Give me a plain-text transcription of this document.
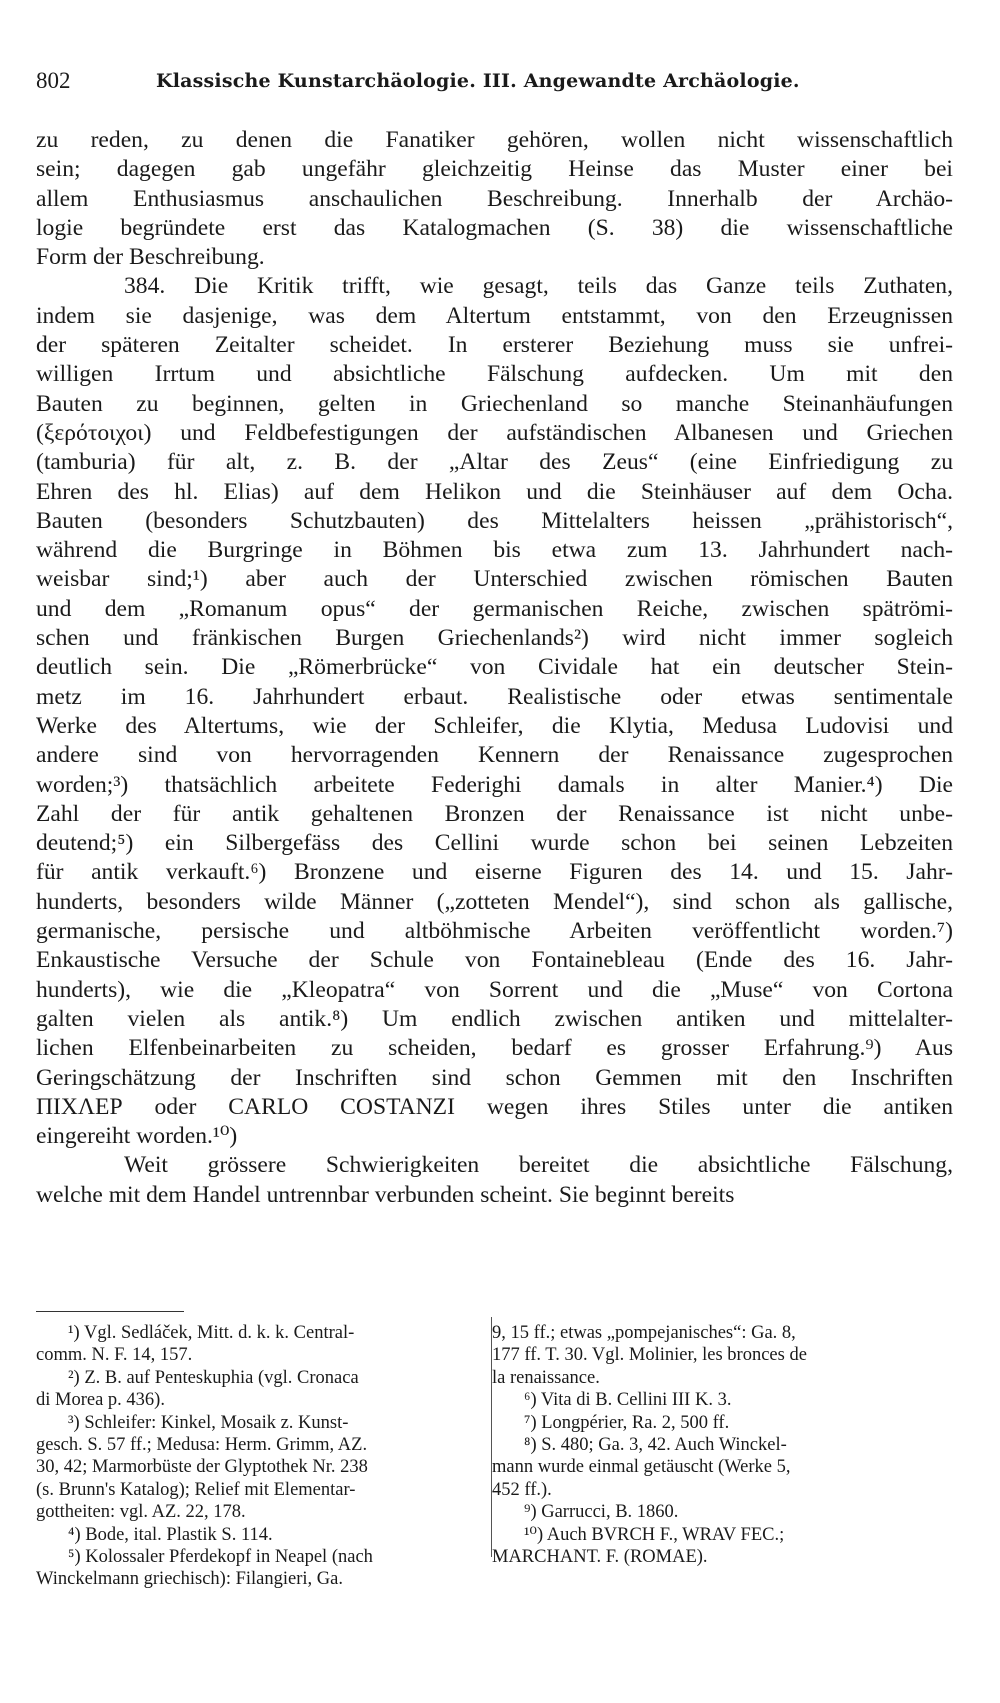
802	Klassische Kunstarchäologie. III. Angewandte Archäologie.

zu reden, zu denen die Fanatiker gehören, wollen nicht wissenschaftlich

sein; dagegen gab ungefähr gleichzeitig Heinse das Muster einer bei

allem Enthusiasmus anschaulichen Beschreibung. Innerhalb der Archäo-

logie begründete erst das Katalogmachen (S. 38) die wissenschaftliche

Form der Beschreibung.

384. Die Kritik trifft, wie gesagt, teils das Ganze teils Zuthaten,

indem sie dasjenige, was dem Altertum entstammt, von den Erzeugnissen

der späteren Zeitalter scheidet. In ersterer Beziehung muss sie unfrei-

willigen Irrtum und absichtliche Fälschung aufdecken. Um mit den

Bauten zu beginnen, gelten in Griechenland so manche Steinanhäufungen

(ξερότοιχοι) und Feldbefestigungen der aufständischen Albanesen und Griechen

(tamburia) für alt, z. B. der „Altar des Zeus“ (eine Einfriedigung zu

Ehren des hl. Elias) auf dem Helikon und die Steinhäuser auf dem Ocha.

Bauten (besonders Schutzbauten) des Mittelalters heissen „prähistorisch“,

während die Burgringe in Böhmen bis etwa zum 13. Jahrhundert nach-

weisbar sind;¹) aber auch der Unterschied zwischen römischen Bauten

und dem „Romanum opus“ der germanischen Reiche, zwischen spätrömi-

schen und fränkischen Burgen Griechenlands²) wird nicht immer sogleich

deutlich sein. Die „Römerbrücke“ von Cividale hat ein deutscher Stein-

metz im 16. Jahrhundert erbaut. Realistische oder etwas sentimentale

Werke des Altertums, wie der Schleifer, die Klytia, Medusa Ludovisi und

andere sind von hervorragenden Kennern der Renaissance zugesprochen

worden;³) thatsächlich arbeitete Federighi damals in alter Manier.⁴) Die

Zahl der für antik gehaltenen Bronzen der Renaissance ist nicht unbe-

deutend;⁵) ein Silbergefäss des Cellini wurde schon bei seinen Lebzeiten

für antik verkauft.⁶) Bronzene und eiserne Figuren des 14. und 15. Jahr-

hunderts, besonders wilde Männer („zotteten Mendel“), sind schon als gallische,

germanische, persische und altböhmische Arbeiten veröffentlicht worden.⁷)

Enkaustische Versuche der Schule von Fontainebleau (Ende des 16. Jahr-

hunderts), wie die „Kleopatra“ von Sorrent und die „Muse“ von Cortona

galten vielen als antik.⁸) Um endlich zwischen antiken und mittelalter-

lichen Elfenbeinarbeiten zu scheiden, bedarf es grosser Erfahrung.⁹) Aus

Geringschätzung der Inschriften sind schon Gemmen mit den Inschriften

ΠΙΧΛΕΡ oder CARLO COSTANZI wegen ihres Stiles unter die antiken

eingereiht worden.¹⁰)

Weit grössere Schwierigkeiten bereitet die absichtliche Fälschung,

welche mit dem Handel untrennbar verbunden scheint. Sie beginnt bereits

¹) Vgl. Sedláček, Mitt. d. k. k. Central-

comm. N. F. 14, 157.

²) Z. B. auf Penteskuphia (vgl. Cronaca

di Morea p. 436).

³) Schleifer: Kinkel, Mosaik z. Kunst-

gesch. S. 57 ff.; Medusa: Herm. Grimm, AZ.

30, 42; Marmorbüste der Glyptothek Nr. 238

(s. Brunn's Katalog); Relief mit Elementar-

gottheiten: vgl. AZ. 22, 178.

⁴) Bode, ital. Plastik S. 114.

⁵) Kolossaler Pferdekopf in Neapel (nach

Winckelmann griechisch): Filangieri, Ga.

9, 15 ff.; etwas „pompejanisches“: Ga. 8,

177 ff. T. 30. Vgl. Molinier, les bronces de

la renaissance.

⁶) Vita di B. Cellini III K. 3.

⁷) Longpérier, Ra. 2, 500 ff.

⁸) S. 480; Ga. 3, 42. Auch Winckel-

mann wurde einmal getäuscht (Werke 5,

452 ff.).

⁹) Garrucci, B. 1860.

¹⁰) Auch BVRCH F., WRAV FEC.;

MARCHANT. F. (ROMAE).
